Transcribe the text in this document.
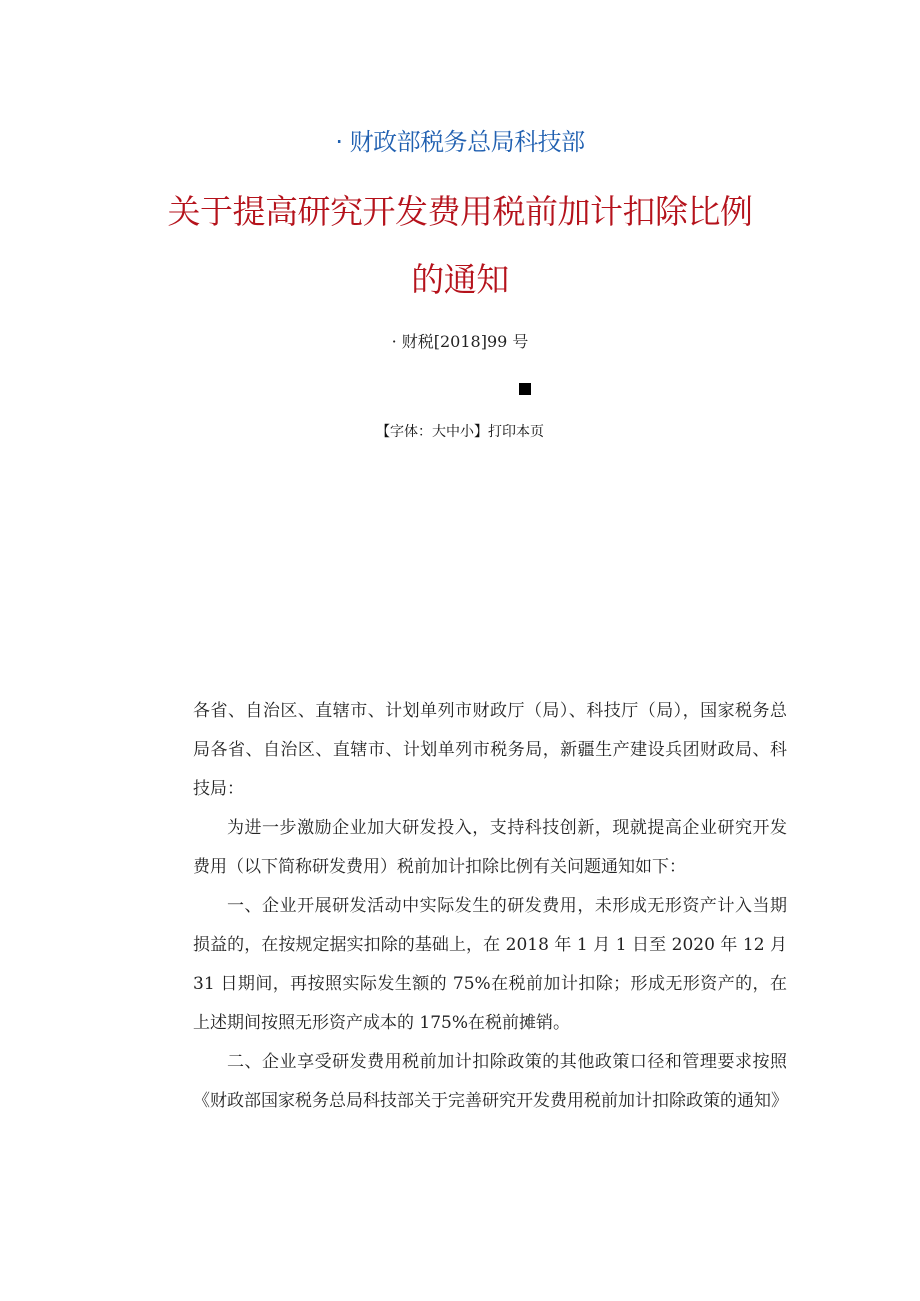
· 财政部税务总局科技部
关于提高研究开发费用税前加计扣除比例
的通知
· 财税[2018]99 号
【字体：大中小】打印本页

各省、自治区、直辖市、计划单列市财政厅（局）、科技厅（局），国家税务总局各省、自治区、直辖市、计划单列市税务局，新疆生产建设兵团财政局、科技局：

为进一步激励企业加大研发投入，支持科技创新，现就提高企业研究开发费用（以下简称研发费用）税前加计扣除比例有关问题通知如下：

一、企业开展研发活动中实际发生的研发费用，未形成无形资产计入当期损益的，在按规定据实扣除的基础上，在 2018 年 1 月 1 日至 2020 年 12 月 31 日期间，再按照实际发生额的 75%在税前加计扣除；形成无形资产的，在上述期间按照无形资产成本的 175%在税前摊销。

二、企业享受研发费用税前加计扣除政策的其他政策口径和管理要求按照《财政部国家税务总局科技部关于完善研究开发费用税前加计扣除政策的通知》
